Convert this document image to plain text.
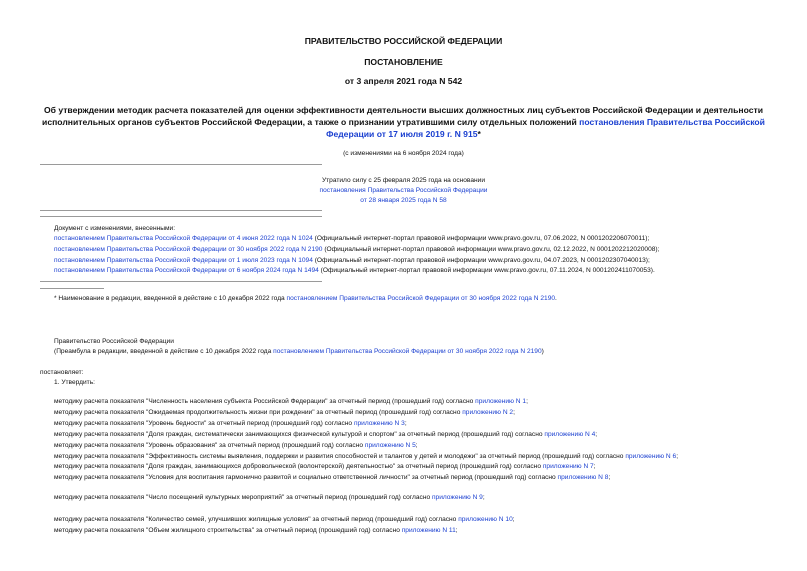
ПРАВИТЕЛЬСТВО РОССИЙСКОЙ ФЕДЕРАЦИИ
ПОСТАНОВЛЕНИЕ
от 3 апреля 2021 года N 542
Об утверждении методик расчета показателей для оценки эффективности деятельности высших должностных лиц субъектов Российской Федерации и деятельности исполнительных органов субъектов Российской Федерации, а также о признании утратившими силу отдельных положений постановления Правительства Российской Федерации от 17 июля 2019 г. N 915*
(с изменениями на 6 ноября 2024 года)
Утратило силу с 25 февраля 2025 года на основании
постановления Правительства Российской Федерации
от 28 января 2025 года N 58
Документ с изменениями, внесенными:
постановлением Правительства Российской Федерации от 4 июня 2022 года N 1024 (Официальный интернет-портал правовой информации www.pravo.gov.ru, 07.06.2022, N 0001202206070011);
постановлением Правительства Российской Федерации от 30 ноября 2022 года N 2190 (Официальный интернет-портал правовой информации www.pravo.gov.ru, 02.12.2022, N 0001202212020008);
постановлением Правительства Российской Федерации от 1 июля 2023 года N 1094 (Официальный интернет-портал правовой информации www.pravo.gov.ru, 04.07.2023, N 0001202307040013);
постановлением Правительства Российской Федерации от 6 ноября 2024 года N 1494 (Официальный интернет-портал правовой информации www.pravo.gov.ru, 07.11.2024, N 0001202411070053).
* Наименование в редакции, введенной в действие с 10 декабря 2022 года постановлением Правительства Российской Федерации от 30 ноября 2022 года N 2190.
Правительство Российской Федерации
(Преамбула в редакции, введенной в действие с 10 декабря 2022 года постановлением Правительства Российской Федерации от 30 ноября 2022 года N 2190)
постановляет:
1. Утвердить:
методику расчета показателя "Численность населения субъекта Российской Федерации" за отчетный период (прошедший год) согласно приложению N 1;
методику расчета показателя "Ожидаемая продолжительность жизни при рождении" за отчетный период (прошедший год) согласно приложению N 2;
методику расчета показателя "Уровень бедности" за отчетный период (прошедший год) согласно приложению N 3;
методику расчета показателя "Доля граждан, систематически занимающихся физической культурой и спортом" за отчетный период (прошедший год) согласно приложению N 4;
методику расчета показателя "Уровень образования" за отчетный период (прошедший год) согласно приложению N 5;
методику расчета показателя "Эффективность системы выявления, поддержки и развития способностей и талантов у детей и молодежи" за отчетный период (прошедший год) согласно приложению N 6;
методику расчета показателя "Доля граждан, занимающихся добровольческой (волонтерской) деятельностью" за отчетный период (прошедший год) согласно приложению N 7;
методику расчета показателя "Условия для воспитания гармонично развитой и социально ответственной личности" за отчетный период (прошедший год) согласно приложению N 8;
методику расчета показателя "Число посещений культурных мероприятий" за отчетный период (прошедший год) согласно приложению N 9;
методику расчета показателя "Количество семей, улучшивших жилищные условия" за отчетный период (прошедший год) согласно приложению N 10;
методику расчета показателя "Объем жилищного строительства" за отчетный период (прошедший год) согласно приложению N 11;
